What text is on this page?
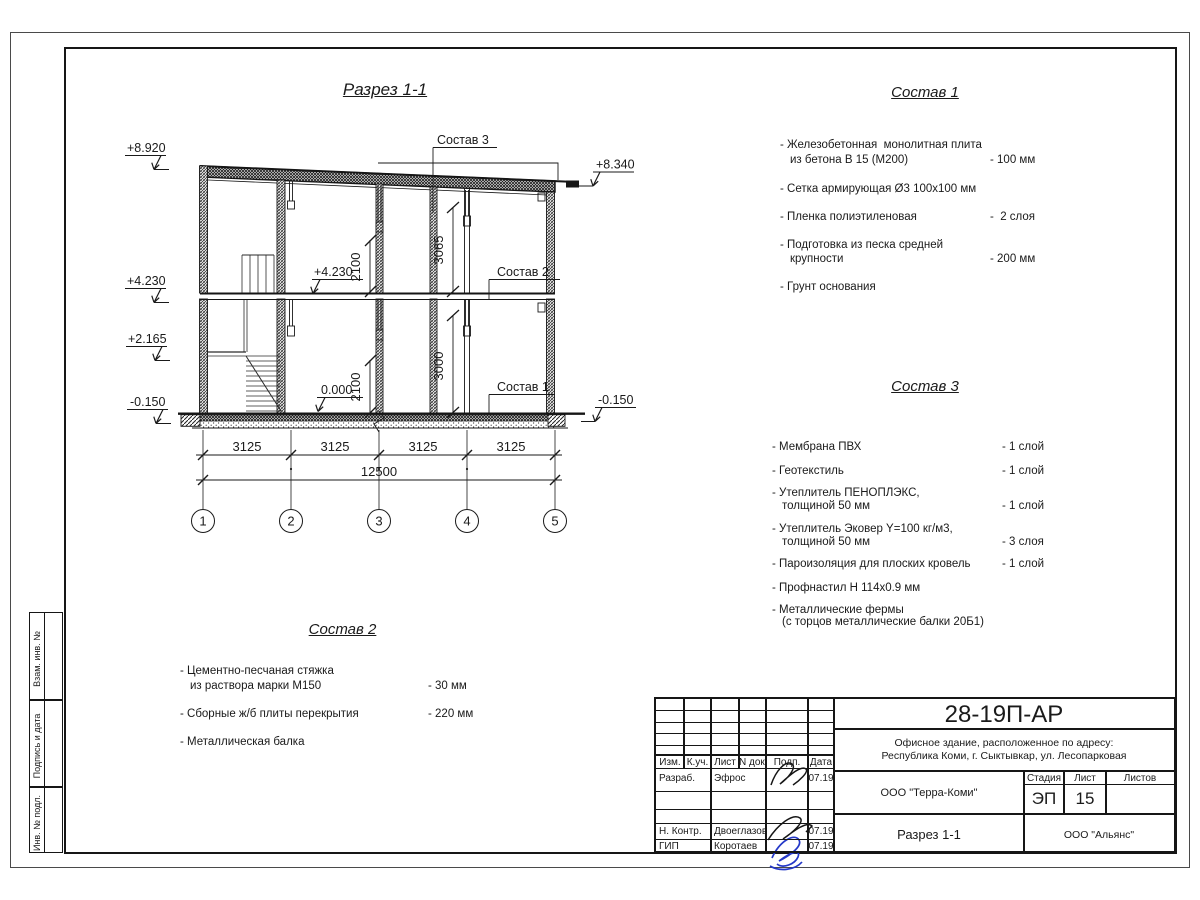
Разрез 1-1
+8.920
+8.340
+4.230
+2.165
-0.150	-0.150
+4.230
0.000
Состав 3
Состав 2
Состав 1
2100
3065
2100
3000
3125	3125	3125	3125
12500
1	2	3	4	5
Состав 1
- Железобетонная  монолитная плита
из бетона В 15 (М200)	- 100 мм
- Сетка армирующая Ø3 100х100 мм
- Пленка полиэтиленовая	-  2 слоя
- Подготовка из песка средней
крупности	- 200 мм
- Грунт основания
Состав 3
- Мембрана ПВХ	- 1 слой
- Геотекстиль	- 1 слой
- Утеплитель ПЕНОПЛЭКС,
толщиной 50 мм	- 1 слой
- Утеплитель Эковер Y=100 кг/м3,
толщиной 50 мм	- 3 слоя
- Пароизоляция для плоских кровель	- 1 слой
- Профнастил Н 114х0.9 мм
- Металлические фермы
(с торцов металлические балки 20Б1)
Состав 2
- Цементно-песчаная стяжка
из раствора марки М150	- 30 мм
- Сборные ж/б плиты перекрытия	- 220 мм
- Металлическая балка
Изм. К.уч. Лист N док. Подп. Дата
Разраб.	Эфрос	07.19
Н. Контр.	Двоеглазов	07.19
ГИП	Коротаев	07.19
28-19П-АР
Офисное здание, расположенное по адресу:
Республика Коми, г. Сыктывкар, ул. Лесопарковая
ООО "Терра-Коми"
Стадия	Лист	Листов
ЭП	15
Разрез 1-1	ООО "Альянс"
Взам. инв. №
Подпись и дата
Инв. № подл.
